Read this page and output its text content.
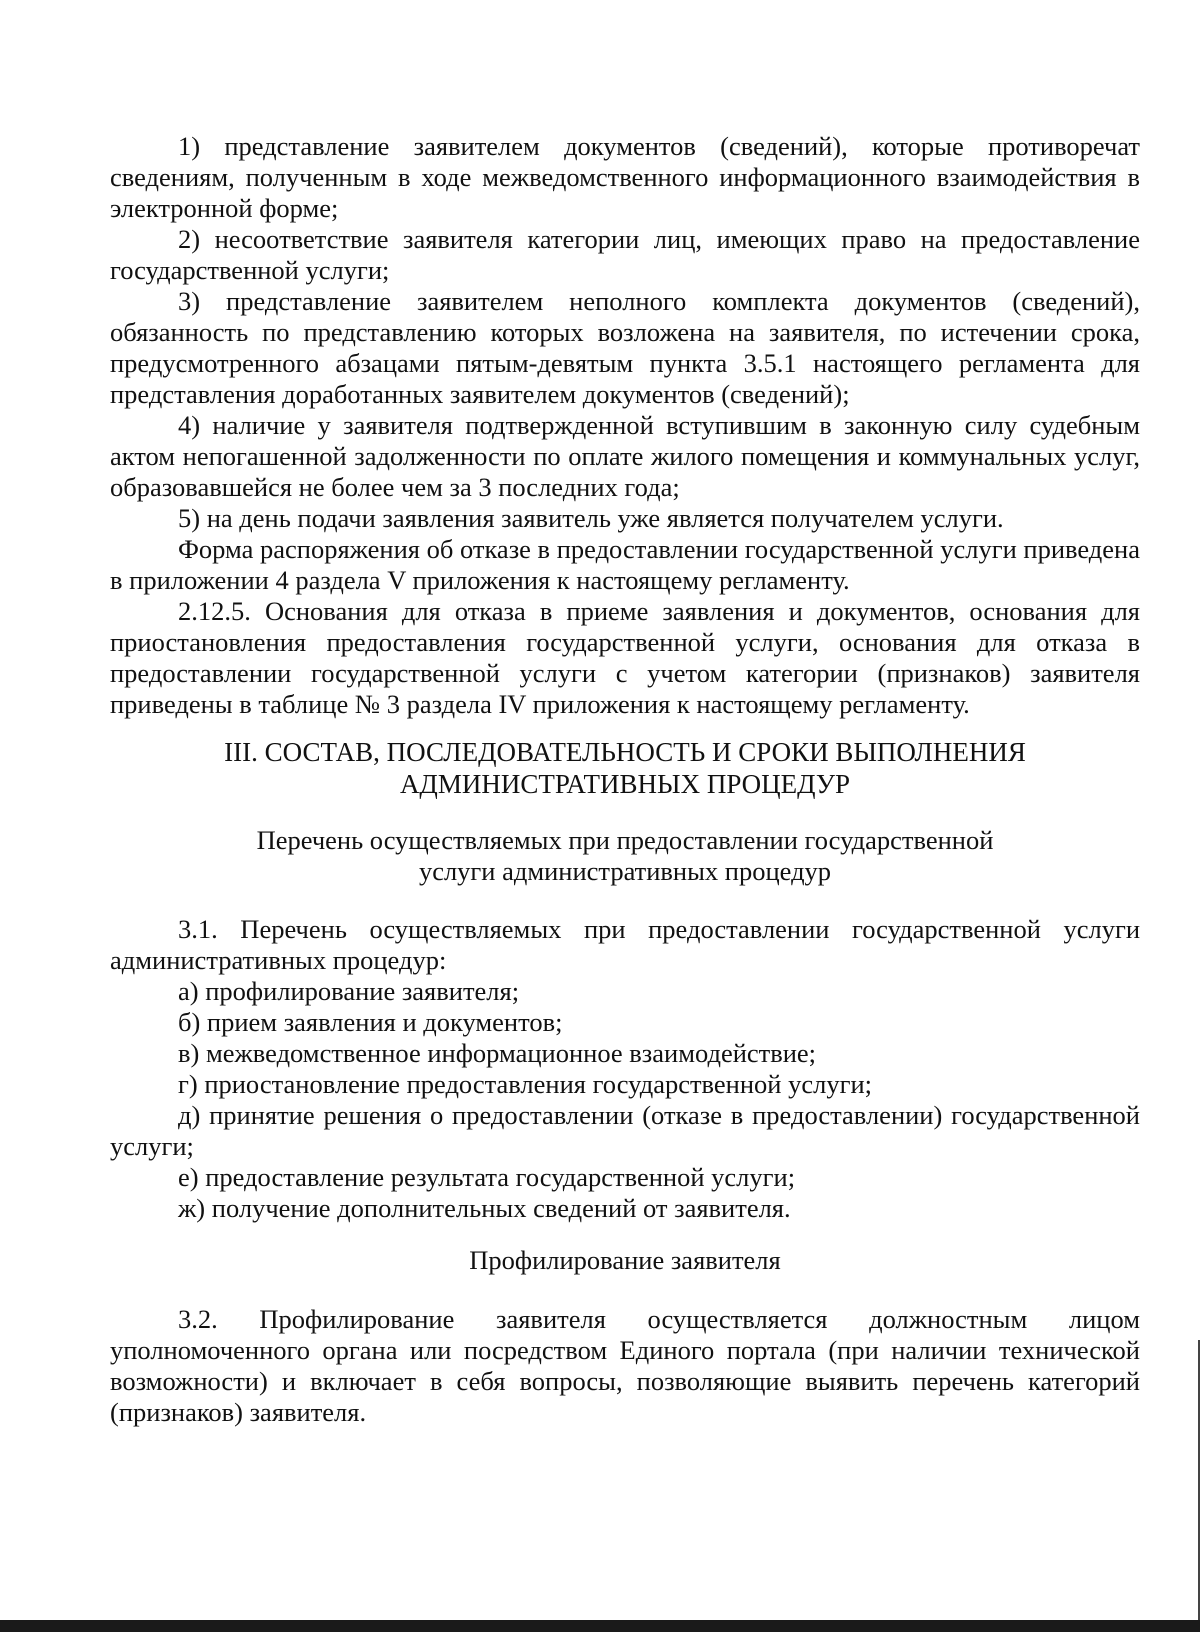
1) представление заявителем документов (сведений), которые противоречат сведениям, полученным в ходе межведомственного информационного взаимодействия в электронной форме;

2) несоответствие заявителя категории лиц, имеющих право на предоставление государственной услуги;

3) представление заявителем неполного комплекта документов (сведений), обязанность по представлению которых возложена на заявителя, по истечении срока, предусмотренного абзацами пятым-девятым пункта 3.5.1 настоящего регламента для представления доработанных заявителем документов (сведений);

4) наличие у заявителя подтвержденной вступившим в законную силу судебным актом непогашенной задолженности по оплате жилого помещения и коммунальных услуг, образовавшейся не более чем за 3 последних года;

5) на день подачи заявления заявитель уже является получателем услуги.

Форма распоряжения об отказе в предоставлении государственной услуги приведена в приложении 4 раздела V приложения к настоящему регламенту.

2.12.5. Основания для отказа в приеме заявления и документов, основания для приостановления предоставления государственной услуги, основания для отказа в предоставлении государственной услуги с учетом категории (признаков) заявителя приведены в таблице № 3 раздела IV приложения к настоящему регламенту.

III. СОСТАВ, ПОСЛЕДОВАТЕЛЬНОСТЬ И СРОКИ ВЫПОЛНЕНИЯ
АДМИНИСТРАТИВНЫХ ПРОЦЕДУР
Перечень осуществляемых при предоставлении государственной
услуги административных процедур

3.1. Перечень осуществляемых при предоставлении государственной услуги административных процедур:

а) профилирование заявителя;

б) прием заявления и документов;

в) межведомственное информационное взаимодействие;

г) приостановление предоставления государственной услуги;

д) принятие решения о предоставлении (отказе в предоставлении) государственной услуги;

е) предоставление результата государственной услуги;

ж) получение дополнительных сведений от заявителя.

Профилирование заявителя

3.2. Профилирование заявителя осуществляется должностным лицом уполномоченного органа или посредством Единого портала (при наличии технической возможности) и включает в себя вопросы, позволяющие выявить перечень категорий (признаков) заявителя.
